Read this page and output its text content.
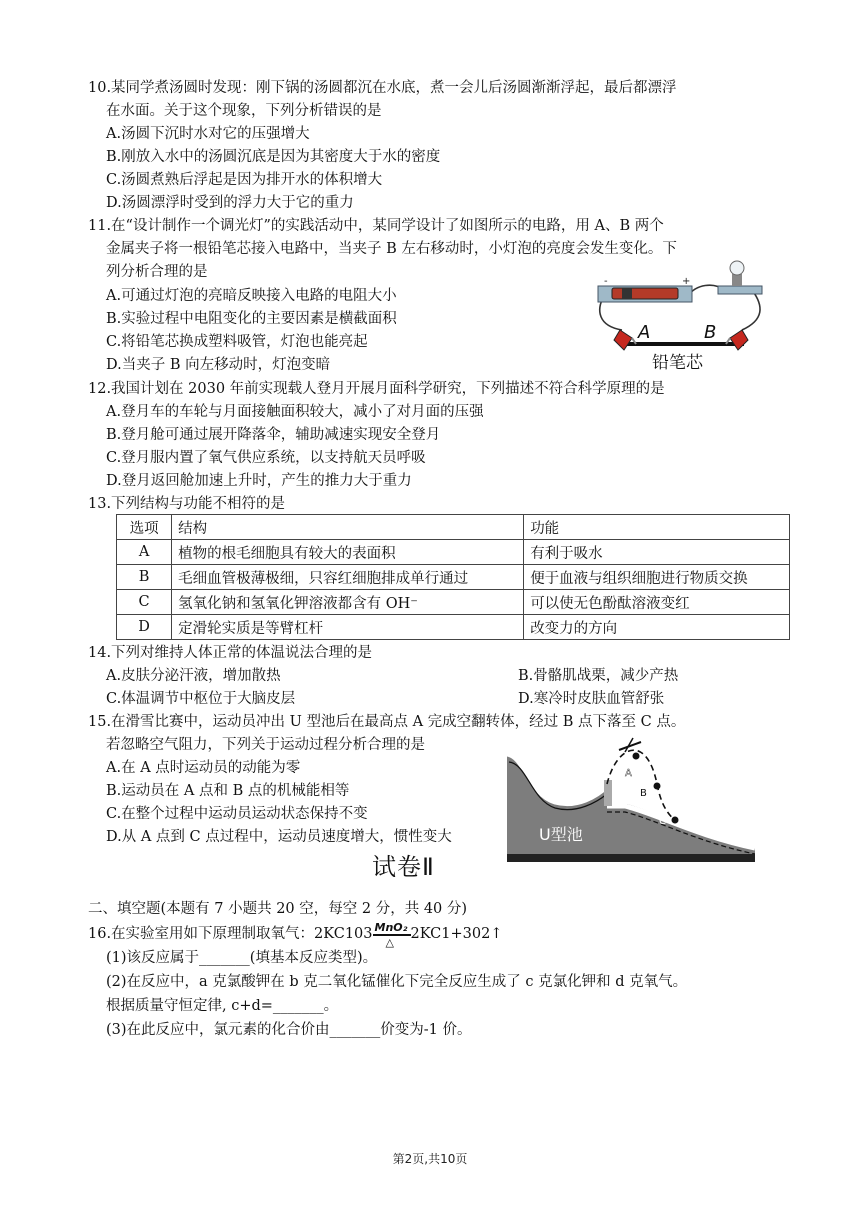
10.某同学煮汤圆时发现：刚下锅的汤圆都沉在水底，煮一会儿后汤圆渐渐浮起，最后都漂浮
在水面。关于这个现象，下列分析错误的是
A.汤圆下沉时水对它的压强增大
B.刚放入水中的汤圆沉底是因为其密度大于水的密度
C.汤圆煮熟后浮起是因为排开水的体积增大
D.汤圆漂浮时受到的浮力大于它的重力
11.在“设计制作一个调光灯”的实践活动中，某同学设计了如图所示的电路，用 A、B 两个
金属夹子将一根铅笔芯接入电路中，当夹子 B 左右移动时，小灯泡的亮度会发生变化。下
列分析合理的是
A.可通过灯泡的亮暗反映接入电路的电阻大小
B.实验过程中电阻变化的主要因素是横截面积
C.将铅笔芯换成塑料吸管，灯泡也能亮起
D.当夹子 B 向左移动时，灯泡变暗
-	+
A	B
铅笔芯
12.我国计划在 2030 年前实现载人登月开展月面科学研究，下列描述不符合科学原理的是
A.登月车的车轮与月面接触面积较大，减小了对月面的压强
B.登月舱可通过展开降落伞，辅助减速实现安全登月
C.登月服内置了氧气供应系统，以支持航天员呼吸
D.登月返回舱加速上升时，产生的推力大于重力
13.下列结构与功能不相符的是
选项	结构	功能
A	植物的根毛细胞具有较大的表面积	有利于吸水
B	毛细血管极薄极细，只容红细胞排成单行通过	便于血液与组织细胞进行物质交换
C	氢氧化钠和氢氧化钾溶液都含有 OH⁻	可以使无色酚酞溶液变红
D	定滑轮实质是等臂杠杆	改变力的方向
14.下列对维持人体正常的体温说法合理的是
A.皮肤分泌汗液，增加散热	B.骨骼肌战栗，减少产热
C.体温调节中枢位于大脑皮层	D.寒冷时皮肤血管舒张
15.在滑雪比赛中，运动员冲出 U 型池后在最高点 A 完成空翻转体，经过 B 点下落至 C 点。
若忽略空气阻力，下列关于运动过程分析合理的是
A.在 A 点时运动员的动能为零
B.运动员在 A 点和 B 点的机械能相等
C.在整个过程中运动员运动状态保持不变
D.从 A 点到 C 点过程中，运动员速度增大，惯性变大
A
B
C
U型池
试卷Ⅱ
二、填空题(本题有 7 小题共 20 空，每空 2 分，共 40 分)
16.在实验室用如下原理制取氧气：2KC103 MnO₂
△
2KC1+302↑
(1)该反应属于_______(填基本反应类型)。
(2)在反应中，a 克氯酸钾在 b 克二氧化锰催化下完全反应生成了 c 克氯化钾和 d 克氧气。
根据质量守恒定律, c+d=_______。
(3)在此反应中，氯元素的化合价由_______价变为-1 价。
第2页,共10页
